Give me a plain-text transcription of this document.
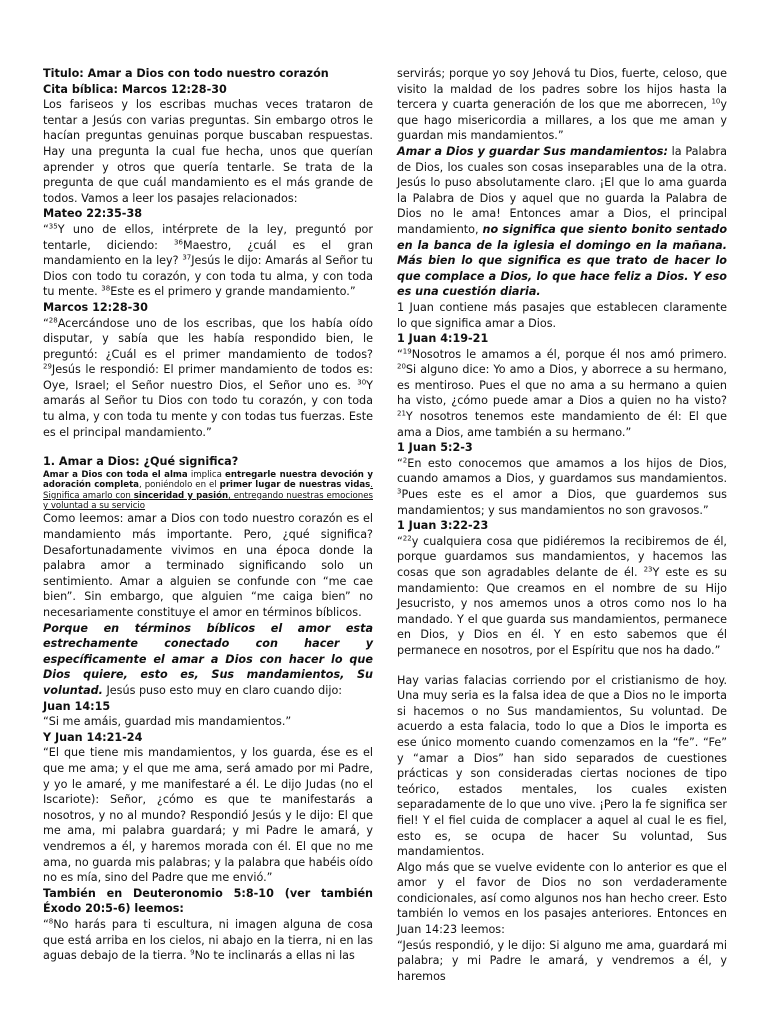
Titulo: Amar a Dios con todo nuestro corazón

Cita bíblica: Marcos 12:28-30

Los fariseos y los escribas muchas veces trataron de tentar a Jesús con varias preguntas. Sin embargo otros le hacían preguntas genuinas porque buscaban respuestas. Hay una pregunta la cual fue hecha, unos que querían aprender y otros que quería tentarle. Se trata de la pregunta de que cuál mandamiento es el más grande de todos. Vamos a leer los pasajes relacionados:

Mateo 22:35-38

“$^{35}$Y uno de ellos, intérprete de la ley, preguntó por tentarle, diciendo: $^{36}$Maestro, ¿cuál es el gran mandamiento en la ley? $^{37}$Jesús le dijo: Amarás al Señor tu Dios con todo tu corazón, y con toda tu alma, y con toda tu mente. $^{38}$Este es el primero y grande mandamiento.”

Marcos 12:28-30

“$^{28}$Acercándose uno de los escribas, que los había oído disputar, y sabía que les había respondido bien, le preguntó: ¿Cuál es el primer mandamiento de todos? $^{29}$Jesús le respondió: El primer mandamiento de todos es: Oye, Israel; el Señor nuestro Dios, el Señor uno es. $^{30}$Y amarás al Señor tu Dios con todo tu corazón, y con toda tu alma, y con toda tu mente y con todas tus fuerzas. Este es el principal mandamiento.”

1. Amar a Dios: ¿Qué significa?

Amar a Dios con toda el alma implica entregarle nuestra devoción y adoración completa, poniéndolo en el primer lugar de nuestras vidas. Significa amarlo con sinceridad y pasión, entregando nuestras emociones y voluntad a su servicio

Como leemos: amar a Dios con todo nuestro corazón es el mandamiento más importante. Pero, ¿qué significa? Desafortunadamente vivimos en una época donde la palabra amor a terminado significando solo un sentimiento. Amar a alguien se confunde con “me cae bien”. Sin embargo, que alguien “me caiga bien” no necesariamente constituye el amor en términos bíblicos.

Porque en términos bíblicos el amor esta estrechamente conectado con hacer y específicamente el amar a Dios con hacer lo que Dios quiere, esto es, Sus mandamientos, Su voluntad. Jesús puso esto muy en claro cuando dijo:

Juan 14:15

“Si me amáis, guardad mis mandamientos.”

Y Juan 14:21-24

“El que tiene mis mandamientos, y los guarda, ése es el que me ama; y el que me ama, será amado por mi Padre, y yo le amaré, y me manifestaré a él. Le dijo Judas (no el Iscariote): Señor, ¿cómo es que te manifestarás a nosotros, y no al mundo? Respondió Jesús y le dijo: El que me ama, mi palabra guardará; y mi Padre le amará, y vendremos a él, y haremos morada con él. El que no me ama, no guarda mis palabras; y la palabra que habéis oído no es mía, sino del Padre que me envió.”

También en Deuteronomio 5:8-10 (ver también Éxodo 20:5-6) leemos:

“$^8$No harás para ti escultura, ni imagen alguna de cosa que está arriba en los cielos, ni abajo en la tierra, ni en las aguas debajo de la tierra. $^9$No te inclinarás a ellas ni las

servirás; porque yo soy Jehová tu Dios, fuerte, celoso, que visito la maldad de los padres sobre los hijos hasta la tercera y cuarta generación de los que me aborrecen, $^{10}$y que hago misericordia a millares, a los que me aman y guardan mis mandamientos.”

Amar a Dios y guardar Sus mandamientos: la Palabra de Dios, los cuales son cosas inseparables una de la otra. Jesús lo puso absolutamente claro. ¡El que lo ama guarda la Palabra de Dios y aquel que no guarda la Palabra de Dios no le ama! Entonces amar a Dios, el principal mandamiento, no significa que siento bonito sentado en la banca de la iglesia el domingo en la mañana. Más bien lo que significa es que trato de hacer lo que complace a Dios, lo que hace feliz a Dios. Y eso es una cuestión diaria.

1 Juan contiene más pasajes que establecen claramente lo que significa amar a Dios.

1 Juan 4:19-21

“$^{19}$Nosotros le amamos a él, porque él nos amó primero. $^{20}$Si alguno dice: Yo amo a Dios, y aborrece a su hermano, es mentiroso. Pues el que no ama a su hermano a quien ha visto, ¿cómo puede amar a Dios a quien no ha visto? $^{21}$Y nosotros tenemos este mandamiento de él: El que ama a Dios, ame también a su hermano.”

1 Juan 5:2-3

“$^2$En esto conocemos que amamos a los hijos de Dios, cuando amamos a Dios, y guardamos sus mandamientos. $^3$Pues este es el amor a Dios, que guardemos sus mandamientos; y sus mandamientos no son gravosos.”

1 Juan 3:22-23

“$^{22}$y cualquiera cosa que pidiéremos la recibiremos de él, porque guardamos sus mandamientos, y hacemos las cosas que son agradables delante de él. $^{23}$Y este es su mandamiento: Que creamos en el nombre de su Hijo Jesucristo, y nos amemos unos a otros como nos lo ha mandado. Y el que guarda sus mandamientos, permanece en Dios, y Dios en él. Y en esto sabemos que él permanece en nosotros, por el Espíritu que nos ha dado.”

Hay varias falacias corriendo por el cristianismo de hoy. Una muy seria es la falsa idea de que a Dios no le importa si hacemos o no Sus mandamientos, Su voluntad. De acuerdo a esta falacia, todo lo que a Dios le importa es ese único momento cuando comenzamos en la “fe”. “Fe” y “amar a Dios” han sido separados de cuestiones prácticas y son consideradas ciertas nociones de tipo teórico, estados mentales, los cuales existen separadamente de lo que uno vive. ¡Pero la fe significa ser fiel! Y el fiel cuida de complacer a aquel al cual le es fiel, esto es, se ocupa de hacer Su voluntad, Sus mandamientos.

Algo más que se vuelve evidente con lo anterior es que el amor y el favor de Dios no son verdaderamente condicionales, así como algunos nos han hecho creer. Esto también lo vemos en los pasajes anteriores. Entonces en Juan 14:23 leemos:

“Jesús respondió, y le dijo: Si alguno me ama, guardará mi palabra; y mi Padre le amará, y vendremos a él, y haremos
